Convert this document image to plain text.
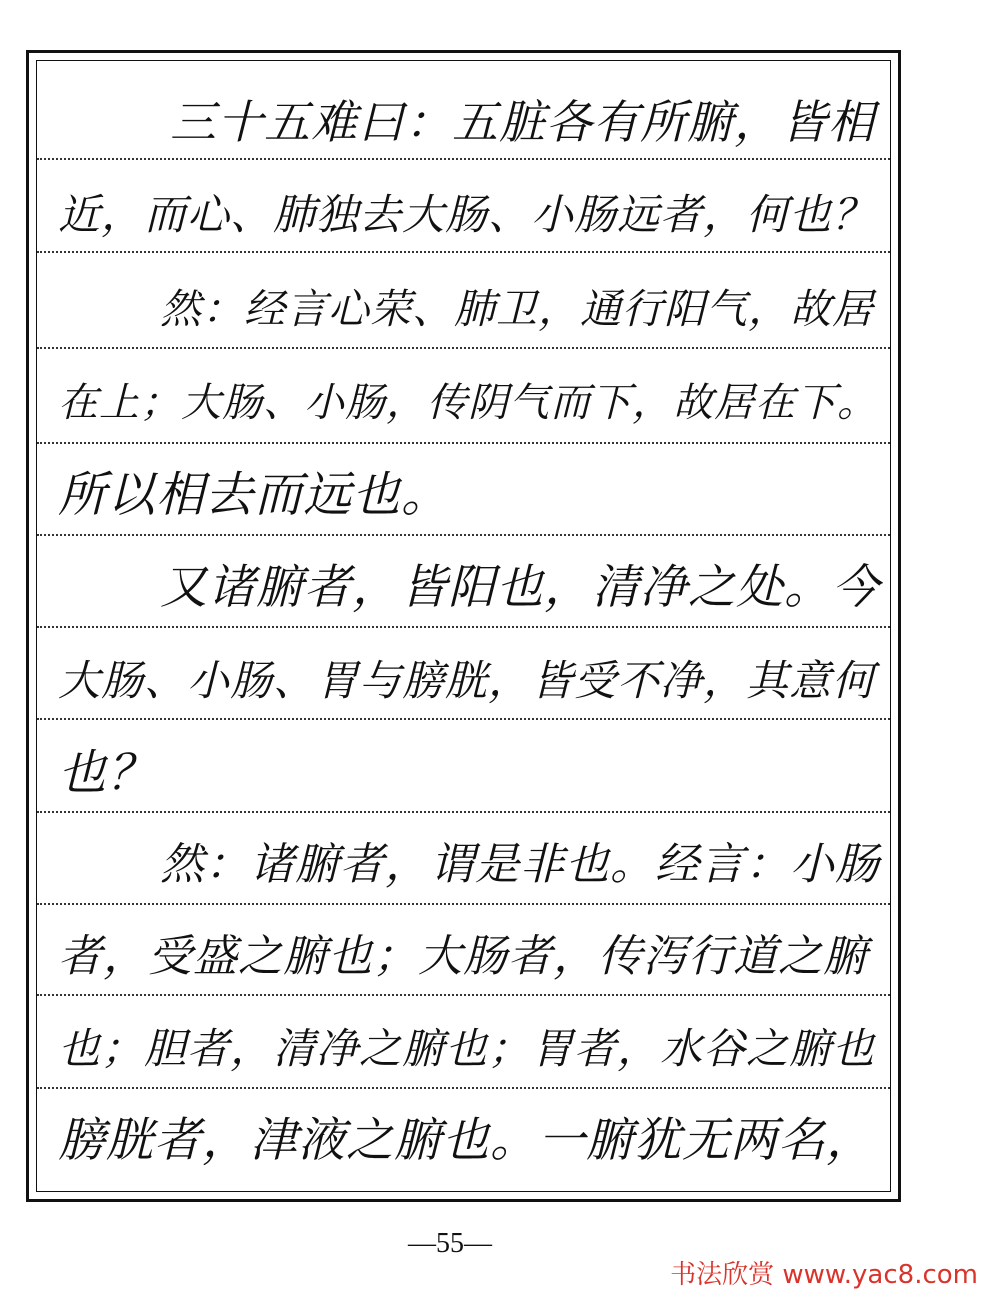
三十五难曰：五脏各有所腑，皆相
近，而心、肺独去大肠、小肠远者，何也？
然：经言心荣、肺卫，通行阳气，故居
在上；大肠、小肠，传阴气而下，故居在下。
所以相去而远也。
又诸腑者，皆阳也，清净之处。今
大肠、小肠、胃与膀胱，皆受不净，其意何
也？
然：诸腑者，谓是非也。经言：小肠
者，受盛之腑也；大肠者，传泻行道之腑
也；胆者，清净之腑也；胃者，水谷之腑也
膀胱者，津液之腑也。一腑犹无两名，
—55—
书法欣赏 www.yac8.com
